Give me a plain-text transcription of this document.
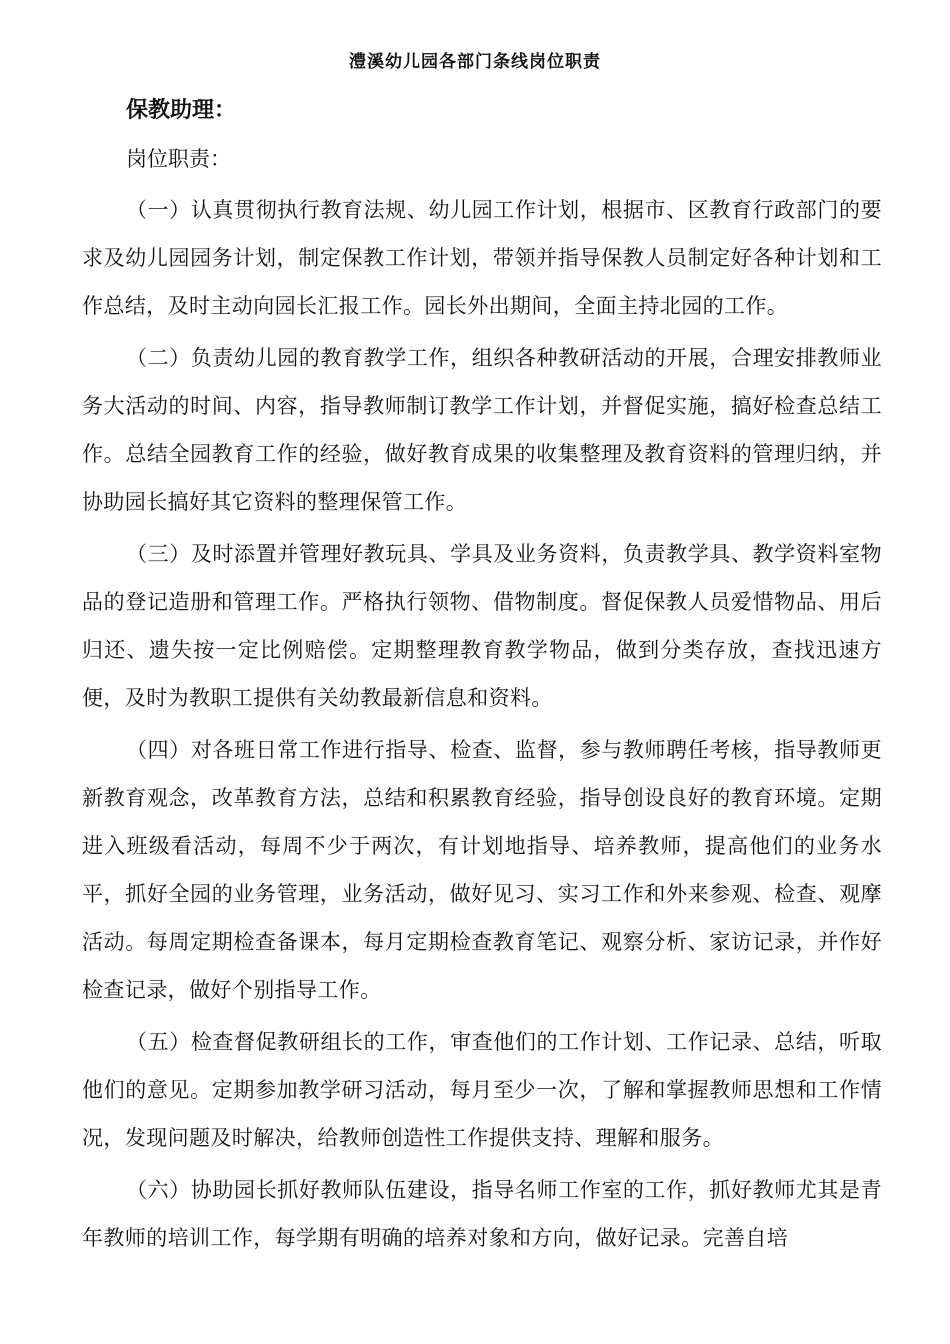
澧溪幼儿园各部门条线岗位职责
保教助理：
岗位职责：

（一）认真贯彻执行教育法规、幼儿园工作计划，根据市、区教育行政部门的要求及幼儿园园务计划，制定保教工作计划，带领并指导保教人员制定好各种计划和工作总结，及时主动向园长汇报工作。园长外出期间，全面主持北园的工作。

（二）负责幼儿园的教育教学工作，组织各种教研活动的开展，合理安排教师业务大活动的时间、内容，指导教师制订教学工作计划，并督促实施，搞好检查总结工作。总结全园教育工作的经验，做好教育成果的收集整理及教育资料的管理归纳，并协助园长搞好其它资料的整理保管工作。

（三）及时添置并管理好教玩具、学具及业务资料，负责教学具、教学资料室物品的登记造册和管理工作。严格执行领物、借物制度。督促保教人员爱惜物品、用后归还、遗失按一定比例赔偿。定期整理教育教学物品，做到分类存放，查找迅速方便，及时为教职工提供有关幼教最新信息和资料。

（四）对各班日常工作进行指导、检查、监督，参与教师聘任考核，指导教师更新教育观念，改革教育方法，总结和积累教育经验，指导创设良好的教育环境。定期进入班级看活动，每周不少于两次，有计划地指导、培养教师，提高他们的业务水平，抓好全园的业务管理，业务活动，做好见习、实习工作和外来参观、检查、观摩活动。每周定期检查备课本，每月定期检查教育笔记、观察分析、家访记录，并作好检查记录，做好个别指导工作。

（五）检查督促教研组长的工作，审查他们的工作计划、工作记录、总结，听取他们的意见。定期参加教学研习活动，每月至少一次，了解和掌握教师思想和工作情况，发现问题及时解决，给教师创造性工作提供支持、理解和服务。

（六）协助园长抓好教师队伍建设，指导名师工作室的工作，抓好教师尤其是青年教师的培训工作，每学期有明确的培养对象和方向，做好记录。完善自培
